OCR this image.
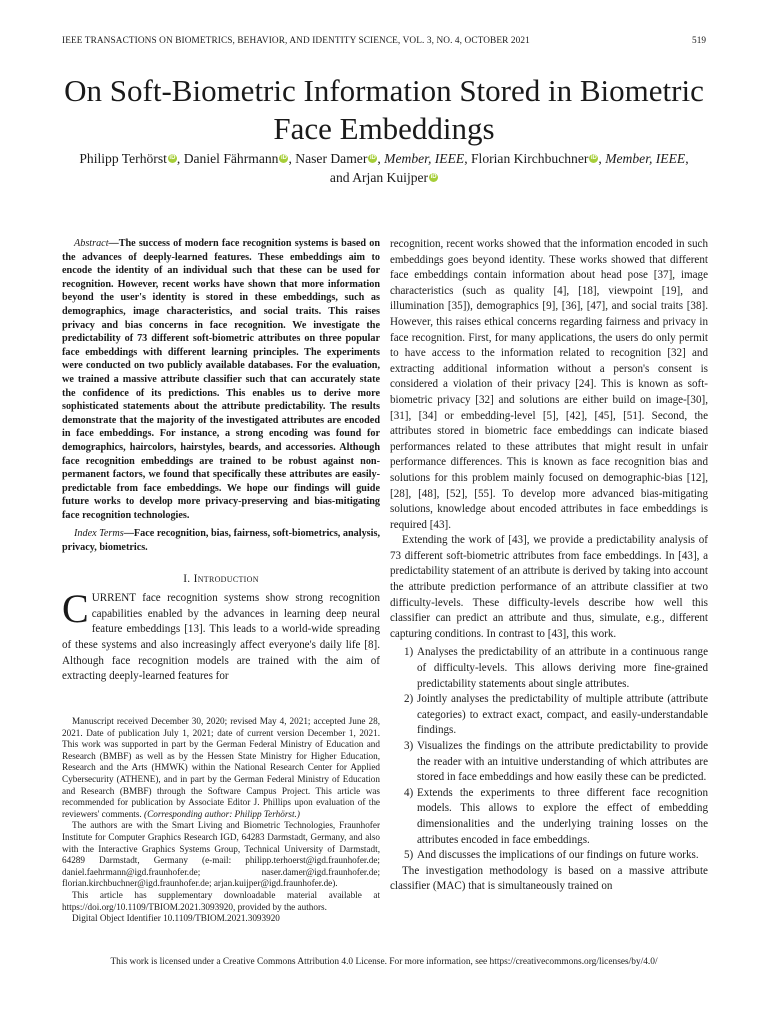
IEEE TRANSACTIONS ON BIOMETRICS, BEHAVIOR, AND IDENTITY SCIENCE, VOL. 3, NO. 4, OCTOBER 2021	519
On Soft-Biometric Information Stored in Biometric
Face Embeddings
Philipp Terhörst iD , Daniel Fährmann iD , Naser Damer iD , Member, IEEE, Florian Kirchbuchner iD , Member, IEEE,
and Arjan Kuijper iD

Abstract—The success of modern face recognition systems is based on the advances of deeply-learned features. These embeddings aim to encode the identity of an individual such that these can be used for recognition. However, recent works have shown that more information beyond the user's identity is stored in these embeddings, such as demographics, image characteristics, and social traits. This raises privacy and bias concerns in face recognition. We investigate the predictability of 73 different soft-biometric attributes on three popular face embeddings with different learning principles. The experiments were conducted on two publicly available databases. For the evaluation, we trained a massive attribute classifier such that can accurately state the confidence of its predictions. This enables us to derive more sophisticated statements about the attribute predictability. The results demonstrate that the majority of the investigated attributes are encoded in face embeddings. For instance, a strong encoding was found for demographics, haircolors, hairstyles, beards, and accessories. Although face recognition embeddings are trained to be robust against non-permanent factors, we found that specifically these attributes are easily-predictable from face embeddings. We hope our findings will guide future works to develop more privacy-preserving and bias-mitigating face recognition technologies.

Index Terms—Face recognition, bias, fairness, soft-biometrics, analysis, privacy, biometrics.

I. Introduction

CURRENT face recognition systems show strong recognition capabilities enabled by the advances in learning deep neural feature embeddings [13]. This leads to a world-wide spreading of these systems and also increasingly affect everyone's daily life [8]. Although face recognition models are trained with the aim of extracting deeply-learned features for

Manuscript received December 30, 2020; revised May 4, 2021; accepted June 28, 2021. Date of publication July 1, 2021; date of current version December 1, 2021. This work was supported in part by the German Federal Ministry of Education and Research (BMBF) as well as by the Hessen State Ministry for Higher Education, Research and the Arts (HMWK) within the National Research Center for Applied Cybersecurity (ATHENE), and in part by the German Federal Ministry of Education and Research (BMBF) through the Software Campus Project. This article was recommended for publication by Associate Editor J. Phillips upon evaluation of the reviewers' comments. (Corresponding author: Philipp Terhörst.)

The authors are with the Smart Living and Biometric Technologies, Fraunhofer Institute for Computer Graphics Research IGD, 64283 Darmstadt, Germany, and also with the Interactive Graphics Systems Group, Technical University of Darmstadt, 64289 Darmstadt, Germany (e-mail: philipp.terhoerst@igd.fraunhofer.de; daniel.faehrmann@igd.fraunhofer.de; naser.damer@igd.fraunhofer.de; florian.kirchbuchner@igd.fraunhofer.de; arjan.kuijper@igd.fraunhofer.de).

This article has supplementary downloadable material available at https://doi.org/10.1109/TBIOM.2021.3093920, provided by the authors.

Digital Object Identifier 10.1109/TBIOM.2021.3093920

recognition, recent works showed that the information encoded in such embeddings goes beyond identity. These works showed that different face embeddings contain information about head pose [37], image characteristics (such as quality [4], [18], viewpoint [19], and illumination [35]), demographics [9], [36], [47], and social traits [38]. However, this raises ethical concerns regarding fairness and privacy in face recognition. First, for many applications, the users do only permit to have access to the information related to recognition [32] and extracting additional information without a person's consent is considered a violation of their privacy [24]. This is known as soft-biometric privacy [32] and solutions are either build on image-[30], [31], [34] or embedding-level [5], [42], [45], [51]. Second, the attributes stored in biometric face embeddings can indicate biased performances related to these attributes that might result in unfair performance differences. This is known as face recognition bias and solutions for this problem mainly focused on demographic-bias [12], [28], [48], [52], [55]. To develop more advanced bias-mitigating solutions, knowledge about encoded attributes in face embeddings is required [43].

Extending the work of [43], we provide a predictability analysis of 73 different soft-biometric attributes from face embeddings. In [43], a predictability statement of an attribute is derived by taking into account the attribute prediction performance of an attribute classifier at two difficulty-levels. These difficulty-levels describe how well this classifier can predict an attribute and thus, simulate, e.g., different capturing conditions. In contrast to [43], this work.

1) Analyses the predictability of an attribute in a continuous range of difficulty-levels. This allows deriving more fine-grained predictability statements about single attributes.
2) Jointly analyses the predictability of multiple attribute (attribute categories) to extract exact, compact, and easily-understandable findings.
3) Visualizes the findings on the attribute predictability to provide the reader with an intuitive understanding of which attributes are stored in face embeddings and how easily these can be predicted.
4) Extends the experiments to three different face recognition models. This allows to explore the effect of embedding dimensionalities and the underlying training losses on the attributes encoded in face embeddings.
5) And discusses the implications of our findings on future works.

The investigation methodology is based on a massive attribute classifier (MAC) that is simultaneously trained on

This work is licensed under a Creative Commons Attribution 4.0 License. For more information, see https://creativecommons.org/licenses/by/4.0/
